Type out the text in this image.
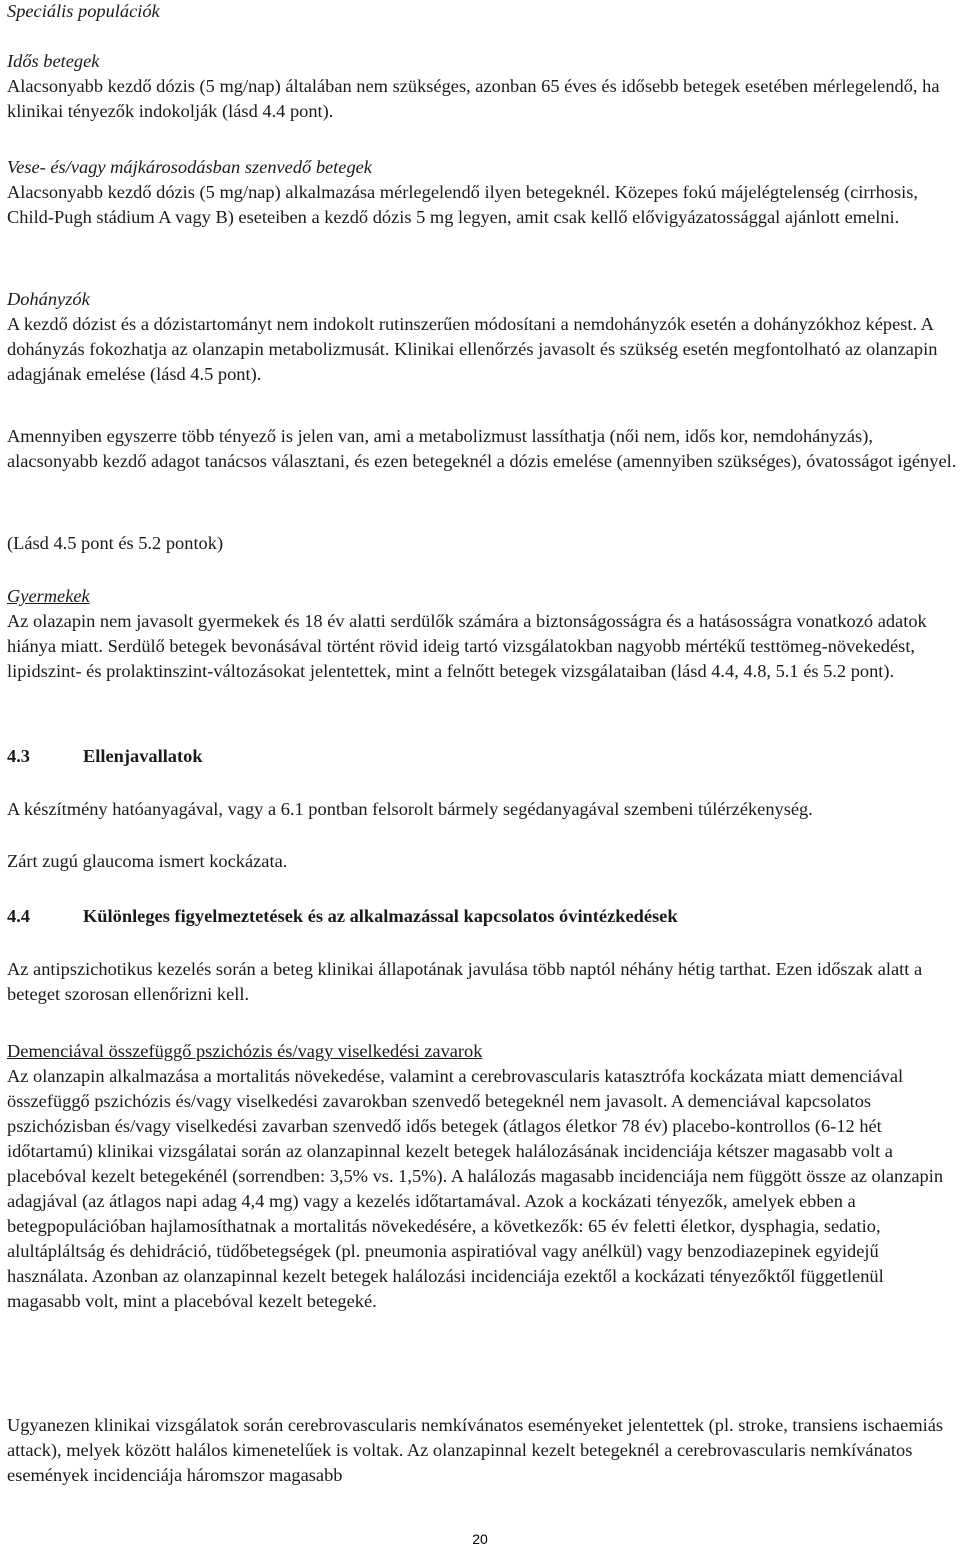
Speciális populációk
Idős betegek

Alacsonyabb kezdő dózis (5 mg/nap) általában nem szükséges, azonban 65 éves és idősebb betegek esetében mérlegelendő, ha klinikai tényezők indokolják (lásd 4.4 pont).

Vese- és/vagy májkárosodásban szenvedő betegek

Alacsonyabb kezdő dózis (5 mg/nap) alkalmazása mérlegelendő ilyen betegeknél. Közepes fokú májelégtelenség (cirrhosis, Child-Pugh stádium A vagy B) eseteiben a kezdő dózis 5 mg legyen, amit csak kellő elővigyázatossággal ajánlott emelni.

Dohányzók

A kezdő dózist és a dózistartományt nem indokolt rutinszerűen módosítani a nemdohányzók esetén a dohányzókhoz képest. A dohányzás fokozhatja az olanzapin metabolizmusát. Klinikai ellenőrzés javasolt és szükség esetén megfontolható az olanzapin adagjának emelése (lásd 4.5 pont).

Amennyiben egyszerre több tényező is jelen van, ami a metabolizmust lassíthatja (női nem, idős kor, nemdohányzás), alacsonyabb kezdő adagot tanácsos választani, és ezen betegeknél a dózis emelése (amennyiben szükséges), óvatosságot igényel.

(Lásd 4.5 pont és 5.2 pontok)
Gyermekek

Az olazapin nem javasolt gyermekek és 18 év alatti serdülők számára a biztonságosságra és a hatásosságra vonatkozó adatok hiánya miatt. Serdülő betegek bevonásával történt rövid ideig tartó vizsgálatokban nagyobb mértékű testtömeg-növekedést, lipidszint- és prolaktinszint-változásokat jelentettek, mint a felnőtt betegek vizsgálataiban (lásd 4.4, 4.8, 5.1 és 5.2 pont).

4.3	Ellenjavallatok

A készítmény hatóanyagával, vagy a 6.1 pontban felsorolt bármely segédanyagával szembeni túlérzékenység.

Zárt zugú glaucoma ismert kockázata.
4.4	Különleges figyelmeztetések és az alkalmazással kapcsolatos óvintézkedések

Az antipszichotikus kezelés során a beteg klinikai állapotának javulása több naptól néhány hétig tarthat. Ezen időszak alatt a beteget szorosan ellenőrizni kell.

Demenciával összefüggő pszichózis és/vagy viselkedési zavarok

Az olanzapin alkalmazása a mortalitás növekedése, valamint a cerebrovascularis katasztrófa kockázata miatt demenciával összefüggő pszichózis és/vagy viselkedési zavarokban szenvedő betegeknél nem javasolt. A demenciával kapcsolatos pszichózisban és/vagy viselkedési zavarban szenvedő idős betegek (átlagos életkor 78 év) placebo-kontrollos (6-12 hét időtartamú) klinikai vizsgálatai során az olanzapinnal kezelt betegek halálozásának incidenciája kétszer magasabb volt a placebóval kezelt betegekénél (sorrendben: 3,5% vs. 1,5%). A halálozás magasabb incidenciája nem függött össze az olanzapin adagjával (az átlagos napi adag 4,4 mg) vagy a kezelés időtartamával. Azok a kockázati tényezők, amelyek ebben a betegpopulációban hajlamosíthatnak a mortalitás növekedésére, a következők: 65 év feletti életkor, dysphagia, sedatio, alultápláltság és dehidráció, tüdőbetegségek (pl. pneumonia aspiratióval vagy anélkül) vagy benzodiazepinek egyidejű használata. Azonban az olanzapinnal kezelt betegek halálozási incidenciája ezektől a kockázati tényezőktől függetlenül magasabb volt, mint a placebóval kezelt betegeké.

Ugyanezen klinikai vizsgálatok során cerebrovascularis nemkívánatos eseményeket jelentettek (pl. stroke, transiens ischaemiás attack), melyek között halálos kimenetelűek is voltak. Az olanzapinnal kezelt betegeknél a cerebrovascularis nemkívánatos események incidenciája háromszor magasabb

20
